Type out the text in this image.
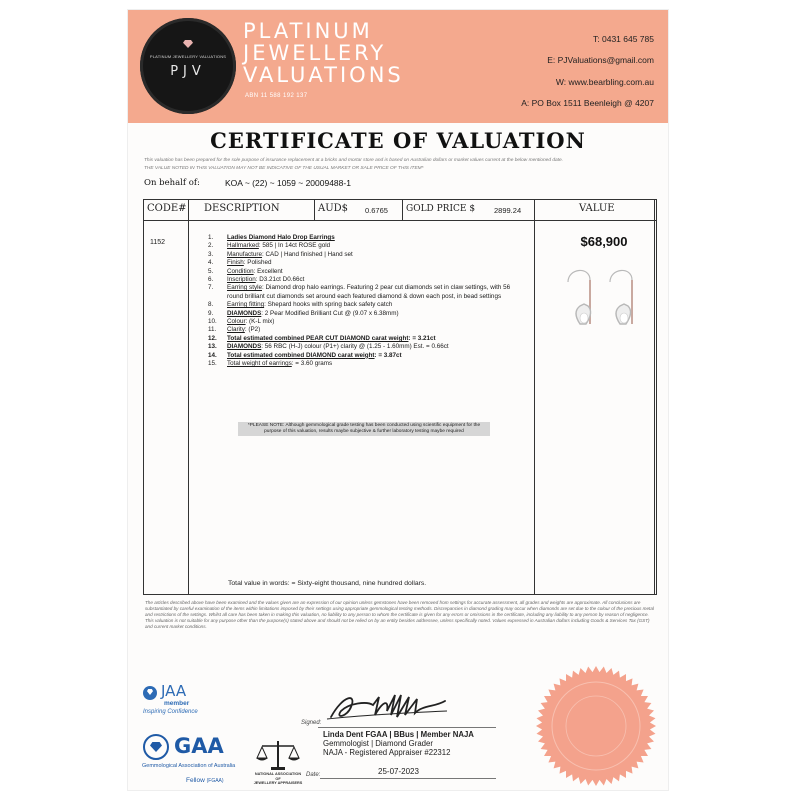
PLATINUM JEWELLERY VALUATIONS
PJV
PLATINUM
JEWELLERY
VALUATIONS
ABN 11 588 192 137
T: 0431 645 785
E: PJValuations@gmail.com
W: www.bearbling.com.au
A: PO Box 1511 Beenleigh @ 4207
CERTIFICATE OF VALUATION
This valuation has been prepared for the sole purpose of insurance replacement at a bricks and mortar store and is based on Australian dollars or market values current at the below mentioned date.
THE VALUE NOTED IN THIS VALUATION MAY NOT BE INDICATIVE OF THE USUAL MARKET OR SALE PRICE OF THIS ITEM*
On behalf of:	KOA ~ (22) ~ 1059 ~ 20009488-1
CODE# DESCRIPTION	AUD$ 0.6765 GOLD PRICE $	2899.24	VALUE
1152	$68,900
1. Ladies Diamond Halo Drop Earrings
2. Hallmarked: 585 | In 14ct ROSE gold
3. Manufacture: CAD | Hand finished | Hand set
4. Finish: Polished
5. Condition: Excellent
6. Inscription: D3.21ct D0.66ct
7. Earring style: Diamond drop halo earrings. Featuring 2 pear cut diamonds set in claw settings, with 56 round brilliant cut diamonds set around each featured diamond & down each post, in bead settings
8. Earring fitting: Shepard hooks with spring back safety catch
9. DIAMONDS: 2 Pear Modified Brilliant Cut @ (9.07 x 6.38mm)
10. Colour: (K-L mix)
11. Clarity: (P2)
12. Total estimated combined PEAR CUT DIAMOND carat weight: = 3.21ct
13. DIAMONDS: 56 RBC (H-J) colour (P1+) clarity @ (1.25 - 1.60mm) Est. = 0.66ct
14. Total estimated combined DIAMOND carat weight: = 3.87ct
15. Total weight of earrings: = 3.60 grams
*PLEASE NOTE: Although gemmological grade testing has been conducted using scientific equipment for the
purpose of this valuation, results maybe subjective & further laboratory testing maybe required
Total value in words: = Sixty-eight thousand, nine hundred dollars.
The articles described above have been examined and the values given are an expression of our opinion unless gemstones have been removed from settings for accurate assessment, all grades and weights are approximate. All conclusions are substantiated by careful examination of the items within limitations imposed by their settings using appropriate gemmological testing methods. Discrepancies in diamond grading may occur when diamonds are set due to the colour of the precious metal and restrictions of the settings. Whilst all care has been taken in making this valuation, no liability to any person to whom the certificate is given for any errors or omissions in the certificate, including any liability to any person by reason of negligence. This valuation is not suitable for any purpose other than the purpose(s) stated above and should not be relied on by an entity besides addressee, unless specifically noted. Values expressed in Australian dollars including Goods & Services Tax (GST) and current market conditions.
JAA
member
Inspiring Confidence
GAA
Gemmological Association of Australia
Fellow (FGAA)
NATIONAL ASSOCIATION OF
JEWELLERY APPRAISERS
Signed:
Linda Dent FGAA | BBus | Member NAJA
Gemmologist | Diamond Grader
NAJA - Registered Appraiser #22312
Date:	25-07-2023
